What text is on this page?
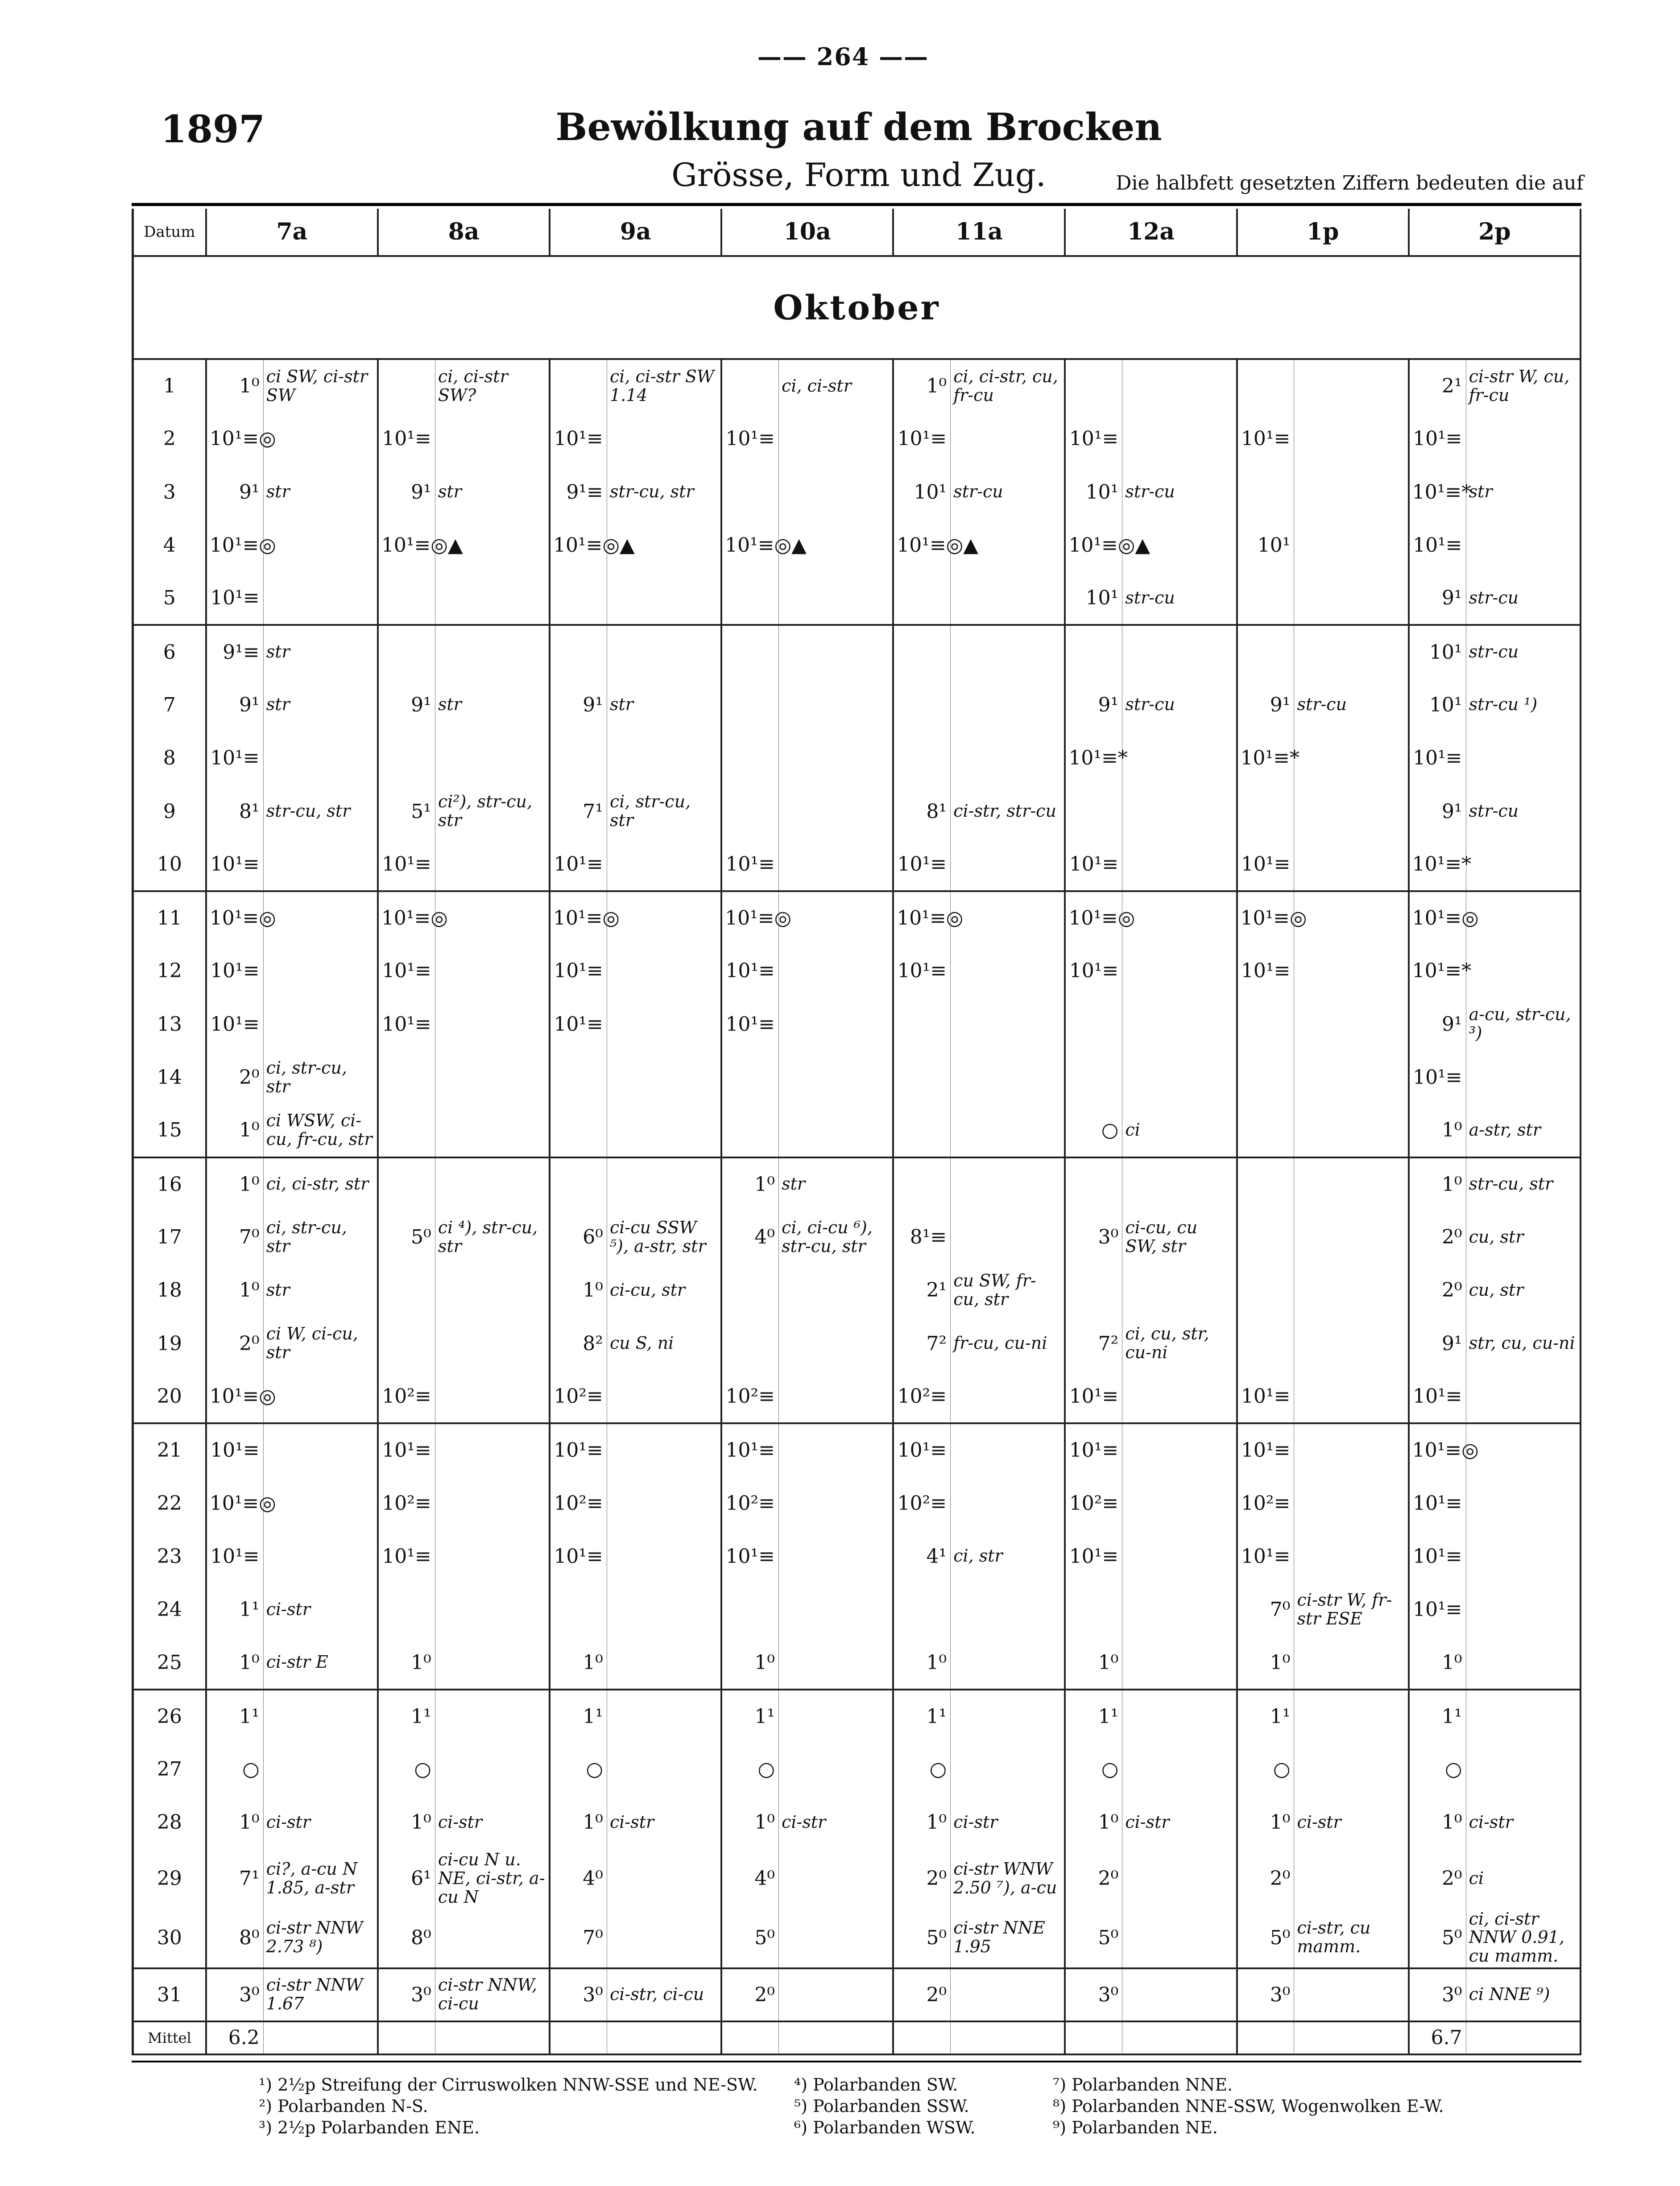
—— 264 ——
1897	Bewölkung auf dem Brocken
Grösse, Form und Zug.	Die halbfett gesetzten Ziffern bedeuten die auf
Datum	7a		8a		9a		10a		11a		12a		1p		2p	
Oktober																
1	1⁰	ci SW, ci-str SW		ci, ci-str SW?		ci, ci-str SW 1.14		ci, ci-str	1⁰	ci, ci-str, cu, fr-cu					2¹	ci-str W, cu, fr-cu
2	10¹≡◎		10¹≡		10¹≡		10¹≡		10¹≡		10¹≡		10¹≡		10¹≡	
3	9¹	str	9¹	str	9¹≡	str-cu, str			10¹	str-cu	10¹	str-cu			10¹≡*	str
4	10¹≡◎		10¹≡◎▲		10¹≡◎▲		10¹≡◎▲		10¹≡◎▲		10¹≡◎▲		10¹		10¹≡	
5	10¹≡										10¹	str-cu			9¹	str-cu
6	9¹≡	str													10¹	str-cu
7	9¹	str	9¹	str	9¹	str					9¹	str-cu	9¹	str-cu	10¹	str-cu ¹)
8	10¹≡										10¹≡*		10¹≡*		10¹≡	
9	8¹	str-cu, str	5¹	ci²), str-cu, str	7¹	ci, str-cu, str			8¹	ci-str, str-cu					9¹	str-cu
10	10¹≡		10¹≡		10¹≡		10¹≡		10¹≡		10¹≡		10¹≡		10¹≡*	
11	10¹≡◎		10¹≡◎		10¹≡◎		10¹≡◎		10¹≡◎		10¹≡◎		10¹≡◎		10¹≡◎	
12	10¹≡		10¹≡		10¹≡		10¹≡		10¹≡		10¹≡		10¹≡		10¹≡*	
13	10¹≡		10¹≡		10¹≡		10¹≡								9¹	a-cu, str-cu, ³)
14	2⁰	ci, str-cu, str													10¹≡	
15	1⁰	ci WSW, ci-cu, fr-cu, str									○	ci			1⁰	a-str, str
16	1⁰	ci, ci-str, str					1⁰	str							1⁰	str-cu, str
17	7⁰	ci, str-cu, str	5⁰	ci ⁴), str-cu, str	6⁰	ci-cu SSW ⁵), a-str, str	4⁰	ci, ci-cu ⁶), str-cu, str	8¹≡		3⁰	ci-cu, cu SW, str			2⁰	cu, str
18	1⁰	str			1⁰	ci-cu, str			2¹	cu SW, fr-cu, str					2⁰	cu, str
19	2⁰	ci W, ci-cu, str			8²	cu S, ni			7²	fr-cu, cu-ni	7²	ci, cu, str, cu-ni			9¹	str, cu, cu-ni
20	10¹≡◎		10²≡		10²≡		10²≡		10²≡		10¹≡		10¹≡		10¹≡	
21	10¹≡		10¹≡		10¹≡		10¹≡		10¹≡		10¹≡		10¹≡		10¹≡◎	
22	10¹≡◎		10²≡		10²≡		10²≡		10²≡		10²≡		10²≡		10¹≡	
23	10¹≡		10¹≡		10¹≡		10¹≡		4¹	ci, str	10¹≡		10¹≡		10¹≡	
24	1¹	ci-str											7⁰	ci-str W, fr-str ESE	10¹≡	
25	1⁰	ci-str E	1⁰		1⁰		1⁰		1⁰		1⁰		1⁰		1⁰	
26	1¹		1¹		1¹		1¹		1¹		1¹		1¹		1¹	
27	○		○		○		○		○		○		○		○	
28	1⁰	ci-str	1⁰	ci-str	1⁰	ci-str	1⁰	ci-str	1⁰	ci-str	1⁰	ci-str	1⁰	ci-str	1⁰	ci-str
29	7¹	ci?, a-cu N 1.85, a-str	6¹	ci-cu N u. NE, ci-str, a-cu N	4⁰		4⁰		2⁰	ci-str WNW 2.50 ⁷), a-cu	2⁰		2⁰		2⁰	ci
30	8⁰	ci-str NNW 2.73 ⁸)	8⁰		7⁰		5⁰		5⁰	ci-str NNE 1.95	5⁰		5⁰	ci-str, cu mamm.	5⁰	ci, ci-str NNW 0.91, cu mamm.
31	3⁰	ci-str NNW 1.67	3⁰	ci-str NNW, ci-cu	3⁰	ci-str, ci-cu	2⁰		2⁰		3⁰		3⁰		3⁰	ci NNE ⁹)
Mittel	6.2														6.7	
¹) 2½p Streifung der Cirruswolken NNW-SSE und NE-SW.
²) Polarbanden N-S.
³) 2½p Polarbanden ENE.
⁴) Polarbanden SW.
⁵) Polarbanden SSW.
⁶) Polarbanden WSW.
⁷) Polarbanden NNE.
⁸) Polarbanden NNE-SSW, Wogenwolken E-W.
⁹) Polarbanden NE.
